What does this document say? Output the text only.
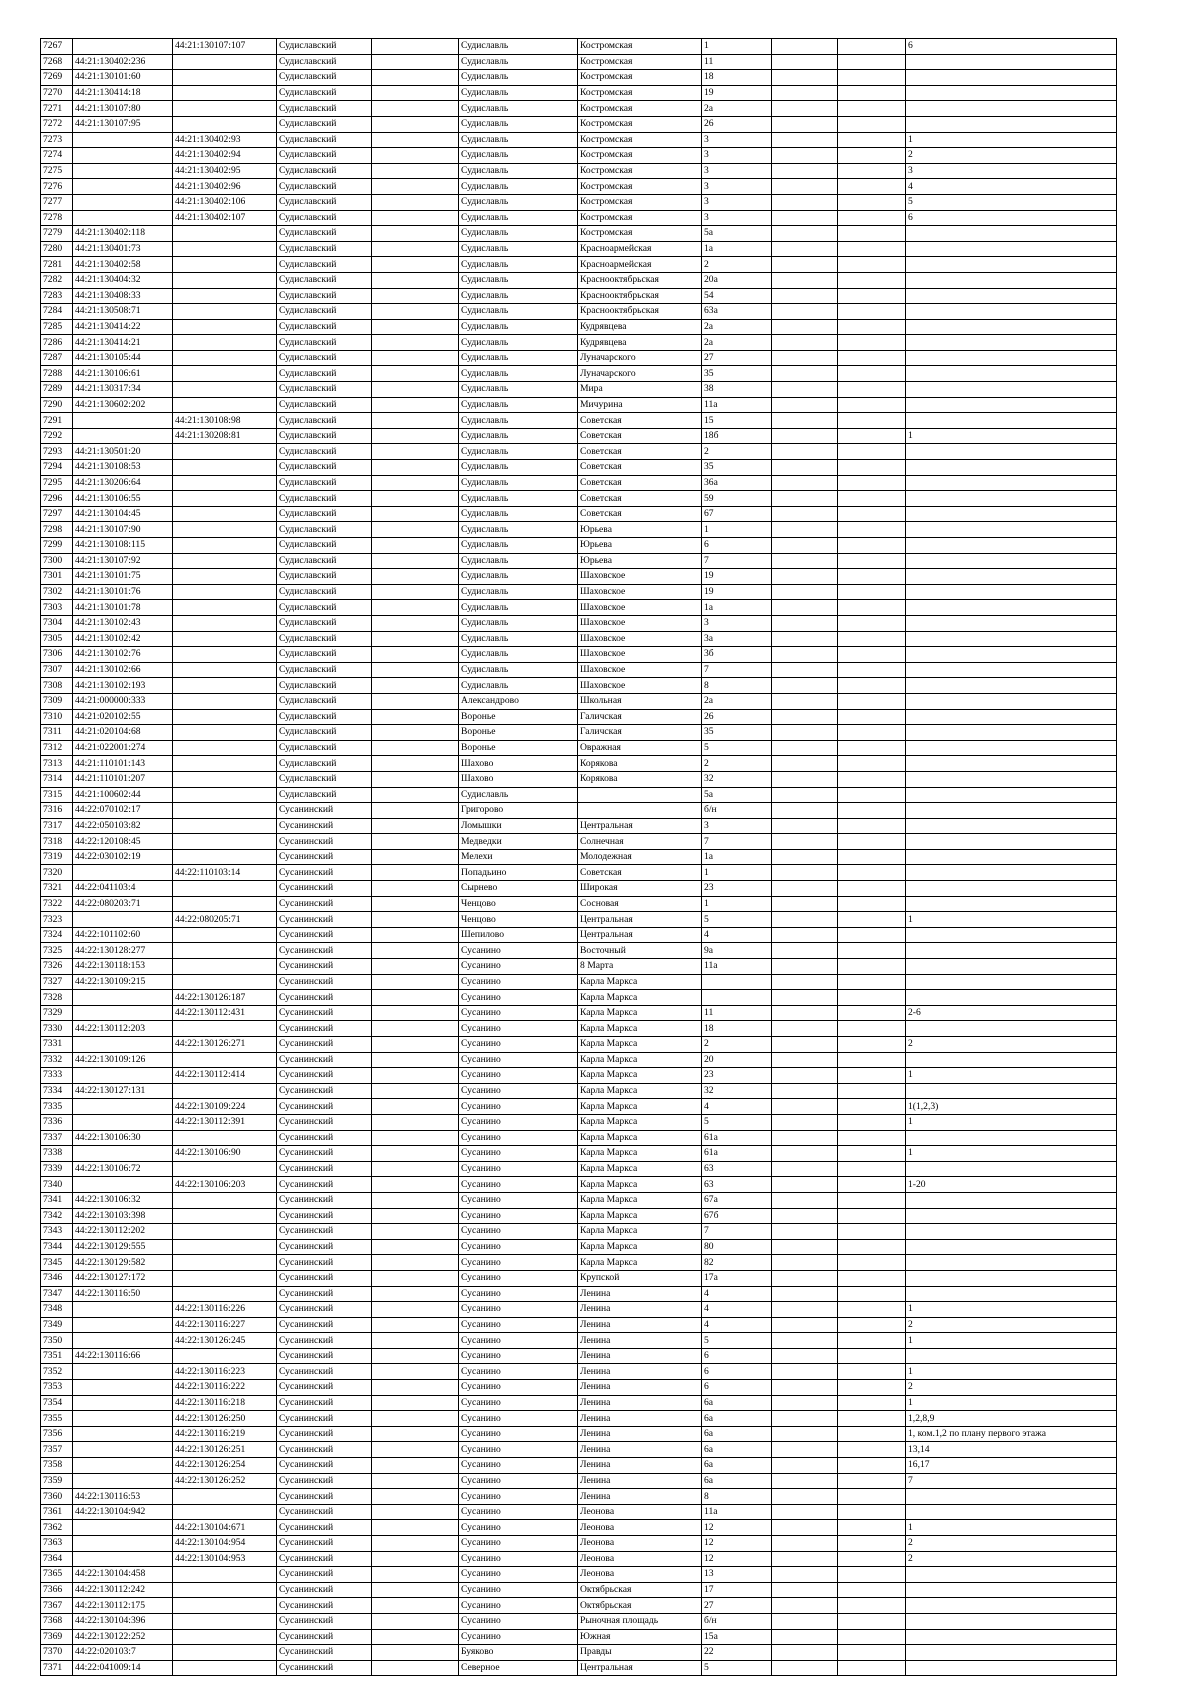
7267		44:21:130107:107	Судиславский		Судиславль	Костромская	1			6
7268	44:21:130402:236		Судиславский		Судиславль	Костромская	11			
7269	44:21:130101:60		Судиславский		Судиславль	Костромская	18			
7270	44:21:130414:18		Судиславский		Судиславль	Костромская	19			
7271	44:21:130107:80		Судиславский		Судиславль	Костромская	2а			
7272	44:21:130107:95		Судиславский		Судиславль	Костромская	26			
7273		44:21:130402:93	Судиславский		Судиславль	Костромская	3			1
7274		44:21:130402:94	Судиславский		Судиславль	Костромская	3			2
7275		44:21:130402:95	Судиславский		Судиславль	Костромская	3			3
7276		44:21:130402:96	Судиславский		Судиславль	Костромская	3			4
7277		44:21:130402:106	Судиславский		Судиславль	Костромская	3			5
7278		44:21:130402:107	Судиславский		Судиславль	Костромская	3			6
7279	44:21:130402:118		Судиславский		Судиславль	Костромская	5а			
7280	44:21:130401:73		Судиславский		Судиславль	Красноармейская	1а			
7281	44:21:130402:58		Судиславский		Судиславль	Красноармейская	2			
7282	44:21:130404:32		Судиславский		Судиславль	Краснооктябрьская	20а			
7283	44:21:130408:33		Судиславский		Судиславль	Краснооктябрьская	54			
7284	44:21:130508:71		Судиславский		Судиславль	Краснооктябрьская	63а			
7285	44:21:130414:22		Судиславский		Судиславль	Кудрявцева	2а			
7286	44:21:130414:21		Судиславский		Судиславль	Кудрявцева	2а			
7287	44:21:130105:44		Судиславский		Судиславль	Луначарского	27			
7288	44:21:130106:61		Судиславский		Судиславль	Луначарского	35			
7289	44:21:130317:34		Судиславский		Судиславль	Мира	38			
7290	44:21:130602:202		Судиславский		Судиславль	Мичурина	11а			
7291		44:21:130108:98	Судиславский		Судиславль	Советская	15			
7292		44:21:130208:81	Судиславский		Судиславль	Советская	18б			1
7293	44:21:130501:20		Судиславский		Судиславль	Советская	2			
7294	44:21:130108:53		Судиславский		Судиславль	Советская	35			
7295	44:21:130206:64		Судиславский		Судиславль	Советская	36а			
7296	44:21:130106:55		Судиславский		Судиславль	Советская	59			
7297	44:21:130104:45		Судиславский		Судиславль	Советская	67			
7298	44:21:130107:90		Судиславский		Судиславль	Юрьева	1			
7299	44:21:130108:115		Судиславский		Судиславль	Юрьева	6			
7300	44:21:130107:92		Судиславский		Судиславль	Юрьева	7			
7301	44:21:130101:75		Судиславский		Судиславль	Шаховское	19			
7302	44:21:130101:76		Судиславский		Судиславль	Шаховское	19			
7303	44:21:130101:78		Судиславский		Судиславль	Шаховское	1а			
7304	44:21:130102:43		Судиславский		Судиславль	Шаховское	3			
7305	44:21:130102:42		Судиславский		Судиславль	Шаховское	3а			
7306	44:21:130102:76		Судиславский		Судиславль	Шаховское	3б			
7307	44:21:130102:66		Судиславский		Судиславль	Шаховское	7			
7308	44:21:130102:193		Судиславский		Судиславль	Шаховское	8			
7309	44:21:000000:333		Судиславский		Александрово	Школьная	2а			
7310	44:21:020102:55		Судиславский		Воронье	Галичская	26			
7311	44:21:020104:68		Судиславский		Воронье	Галичская	35			
7312	44:21:022001:274		Судиславский		Воронье	Овражная	5			
7313	44:21:110101:143		Судиславский		Шахово	Корякова	2			
7314	44:21:110101:207		Судиславский		Шахово	Корякова	32			
7315	44:21:100602:44		Судиславский		Судиславль		5а			
7316	44:22:070102:17		Сусанинский		Григорово		б/н			
7317	44:22:050103:82		Сусанинский		Ломышки	Центральная	3			
7318	44:22:120108:45		Сусанинский		Медведки	Солнечная	7			
7319	44:22:030102:19		Сусанинский		Мелехи	Молодежная	1а			
7320		44:22:110103:14	Сусанинский		Попадьино	Советская	1			
7321	44:22:041103:4		Сусанинский		Сырнево	Широкая	23			
7322	44:22:080203:71		Сусанинский		Ченцово	Сосновая	1			
7323		44:22:080205:71	Сусанинский		Ченцово	Центральная	5			1
7324	44:22:101102:60		Сусанинский		Шепилово	Центральная	4			
7325	44:22:130128:277		Сусанинский		Сусанино	Восточный	9а			
7326	44:22:130118:153		Сусанинский		Сусанино	8 Марта	11а			
7327	44:22:130109:215		Сусанинский		Сусанино	Карла Маркса				
7328		44:22:130126:187	Сусанинский		Сусанино	Карла Маркса				
7329		44:22:130112:431	Сусанинский		Сусанино	Карла Маркса	11			2-6
7330	44:22:130112:203		Сусанинский		Сусанино	Карла Маркса	18			
7331		44:22:130126:271	Сусанинский		Сусанино	Карла Маркса	2			2
7332	44:22:130109:126		Сусанинский		Сусанино	Карла Маркса	20			
7333		44:22:130112:414	Сусанинский		Сусанино	Карла Маркса	23			1
7334	44:22:130127:131		Сусанинский		Сусанино	Карла Маркса	32			
7335		44:22:130109:224	Сусанинский		Сусанино	Карла Маркса	4			1(1,2,3)
7336		44:22:130112:391	Сусанинский		Сусанино	Карла Маркса	5			1
7337	44:22:130106:30		Сусанинский		Сусанино	Карла Маркса	61а			
7338		44:22:130106:90	Сусанинский		Сусанино	Карла Маркса	61а			1
7339	44:22:130106:72		Сусанинский		Сусанино	Карла Маркса	63			
7340		44:22:130106:203	Сусанинский		Сусанино	Карла Маркса	63			1-20
7341	44:22:130106:32		Сусанинский		Сусанино	Карла Маркса	67а			
7342	44:22:130103:398		Сусанинский		Сусанино	Карла Маркса	67б			
7343	44:22:130112:202		Сусанинский		Сусанино	Карла Маркса	7			
7344	44:22:130129:555		Сусанинский		Сусанино	Карла Маркса	80			
7345	44:22:130129:582		Сусанинский		Сусанино	Карла Маркса	82			
7346	44:22:130127:172		Сусанинский		Сусанино	Крупской	17а			
7347	44:22:130116:50		Сусанинский		Сусанино	Ленина	4			
7348		44:22:130116:226	Сусанинский		Сусанино	Ленина	4			1
7349		44:22:130116:227	Сусанинский		Сусанино	Ленина	4			2
7350		44:22:130126:245	Сусанинский		Сусанино	Ленина	5			1
7351	44:22:130116:66		Сусанинский		Сусанино	Ленина	6			
7352		44:22:130116:223	Сусанинский		Сусанино	Ленина	6			1
7353		44:22:130116:222	Сусанинский		Сусанино	Ленина	6			2
7354		44:22:130116:218	Сусанинский		Сусанино	Ленина	6а			1
7355		44:22:130126:250	Сусанинский		Сусанино	Ленина	6а			1,2,8,9
7356		44:22:130116:219	Сусанинский		Сусанино	Ленина	6а			1, ком.1,2 по плану первого этажа
7357		44:22:130126:251	Сусанинский		Сусанино	Ленина	6а			13,14
7358		44:22:130126:254	Сусанинский		Сусанино	Ленина	6а			16,17
7359		44:22:130126:252	Сусанинский		Сусанино	Ленина	6а			7
7360	44:22:130116:53		Сусанинский		Сусанино	Ленина	8			
7361	44:22:130104:942		Сусанинский		Сусанино	Леонова	11а			
7362		44:22:130104:671	Сусанинский		Сусанино	Леонова	12			1
7363		44:22:130104:954	Сусанинский		Сусанино	Леонова	12			2
7364		44:22:130104:953	Сусанинский		Сусанино	Леонова	12			2
7365	44:22:130104:458		Сусанинский		Сусанино	Леонова	13			
7366	44:22:130112:242		Сусанинский		Сусанино	Октябрьская	17			
7367	44:22:130112:175		Сусанинский		Сусанино	Октябрьская	27			
7368	44:22:130104:396		Сусанинский		Сусанино	Рыночная площадь	б/н			
7369	44:22:130122:252		Сусанинский		Сусанино	Южная	15а			
7370	44:22:020103:7		Сусанинский		Буяково	Правды	22			
7371	44:22:041009:14		Сусанинский		Северное	Центральная	5			
